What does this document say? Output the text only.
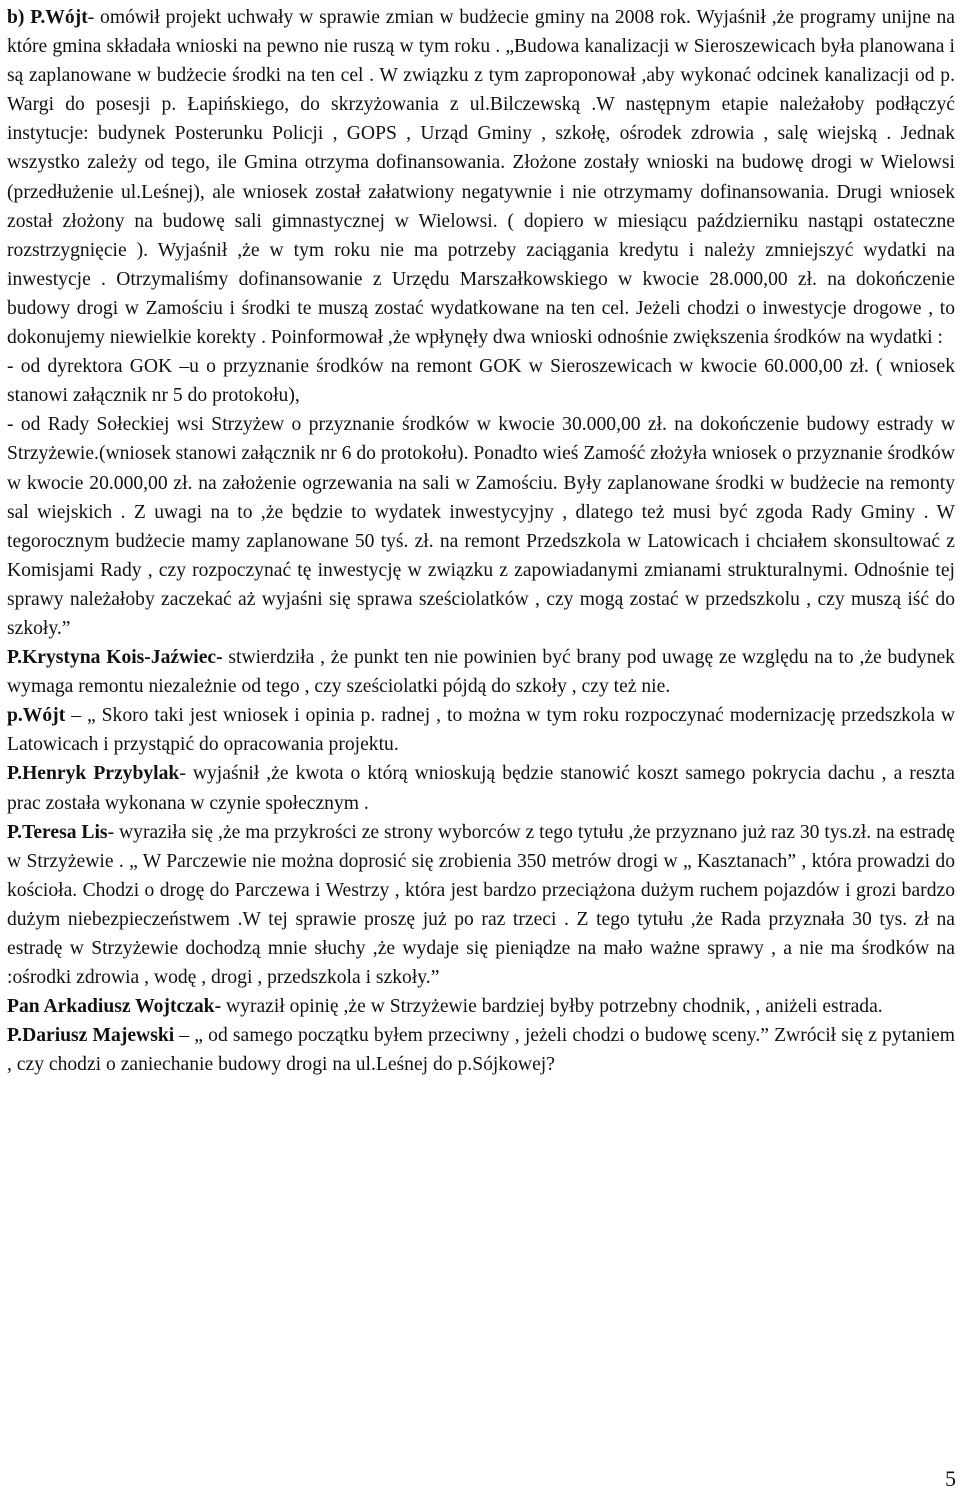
b) P.Wójt- omówił projekt uchwały w sprawie zmian w budżecie gminy na 2008 rok. Wyjaśnił ,że programy unijne na które gmina składała wnioski na pewno nie ruszą w tym roku . „Budowa kanalizacji w Sieroszewicach była planowana i są zaplanowane w budżecie środki na ten cel . W związku z tym zaproponował ,aby wykonać odcinek kanalizacji od p. Wargi do posesji p. Łapińskiego, do skrzyżowania z ul.Bilczewską .W następnym etapie należałoby podłączyć instytucje: budynek Posterunku Policji , GOPS , Urząd Gminy , szkołę, ośrodek zdrowia , salę wiejską . Jednak wszystko zależy od tego, ile Gmina otrzyma dofinansowania. Złożone zostały wnioski na budowę drogi w Wielowsi (przedłużenie ul.Leśnej), ale wniosek został załatwiony negatywnie i nie otrzymamy dofinansowania. Drugi wniosek został złożony na budowę sali gimnastycznej w Wielowsi. ( dopiero w miesiącu październiku nastąpi ostateczne rozstrzygnięcie ). Wyjaśnił ,że w tym roku nie ma potrzeby zaciągania kredytu i należy zmniejszyć wydatki na inwestycje . Otrzymaliśmy dofinansowanie z Urzędu Marszałkowskiego w kwocie 28.000,00 zł. na dokończenie budowy drogi w Zamościu i środki te muszą zostać wydatkowane na ten cel. Jeżeli chodzi o inwestycje drogowe , to dokonujemy niewielkie korekty . Poinformował ,że wpłynęły dwa wnioski odnośnie zwiększenia środków na wydatki :

- od dyrektora GOK –u o przyznanie środków na remont GOK w Sieroszewicach w kwocie 60.000,00 zł. ( wniosek stanowi załącznik nr 5 do protokołu),

- od Rady Sołeckiej wsi Strzyżew o przyznanie środków w kwocie 30.000,00 zł. na dokończenie budowy estrady w Strzyżewie.(wniosek stanowi załącznik nr 6 do protokołu). Ponadto wieś Zamość złożyła wniosek o przyznanie środków w kwocie 20.000,00 zł. na założenie ogrzewania na sali w Zamościu. Były zaplanowane środki w budżecie na remonty sal wiejskich . Z uwagi na to ,że będzie to wydatek inwestycyjny , dlatego też musi być zgoda Rady Gminy . W tegorocznym budżecie mamy zaplanowane 50 tyś. zł. na remont Przedszkola w Latowicach i chciałem skonsultować z Komisjami Rady , czy rozpoczynać tę inwestycję w związku z zapowiadanymi zmianami strukturalnymi. Odnośnie tej sprawy należałoby zaczekać aż wyjaśni się sprawa sześciolatków , czy mogą zostać w przedszkolu , czy muszą iść do szkoły.”

P.Krystyna Kois-Jaźwiec- stwierdziła , że punkt ten nie powinien być brany pod uwagę ze względu na to ,że budynek wymaga remontu niezależnie od tego , czy sześciolatki pójdą do szkoły , czy też nie.

p.Wójt – „ Skoro taki jest wniosek i opinia p. radnej , to można w tym roku rozpoczynać modernizację przedszkola w Latowicach i przystąpić do opracowania projektu.

P.Henryk Przybylak- wyjaśnił ,że kwota o którą wnioskują będzie stanowić koszt samego pokrycia dachu , a reszta prac została wykonana w czynie społecznym .

P.Teresa Lis- wyraziła się ,że ma przykrości ze strony wyborców z tego tytułu ,że przyznano już raz 30 tys.zł. na estradę w Strzyżewie . „ W Parczewie nie można doprosić się zrobienia 350 metrów drogi w „ Kasztanach” , która prowadzi do kościoła. Chodzi o drogę do Parczewa i Westrzy , która jest bardzo przeciążona dużym ruchem pojazdów i grozi bardzo dużym niebezpieczeństwem .W tej sprawie proszę już po raz trzeci . Z tego tytułu ,że Rada przyznała 30 tys. zł na estradę w Strzyżewie dochodzą mnie słuchy ,że wydaje się pieniądze na mało ważne sprawy , a nie ma środków na :ośrodki zdrowia , wodę , drogi , przedszkola i szkoły.”

Pan Arkadiusz Wojtczak- wyraził opinię ,że w Strzyżewie bardziej byłby potrzebny chodnik, , aniżeli estrada.

P.Dariusz Majewski – „ od samego początku byłem przeciwny , jeżeli chodzi o budowę sceny.” Zwrócił się z pytaniem , czy chodzi o zaniechanie budowy drogi na ul.Leśnej do p.Sójkowej?

5
